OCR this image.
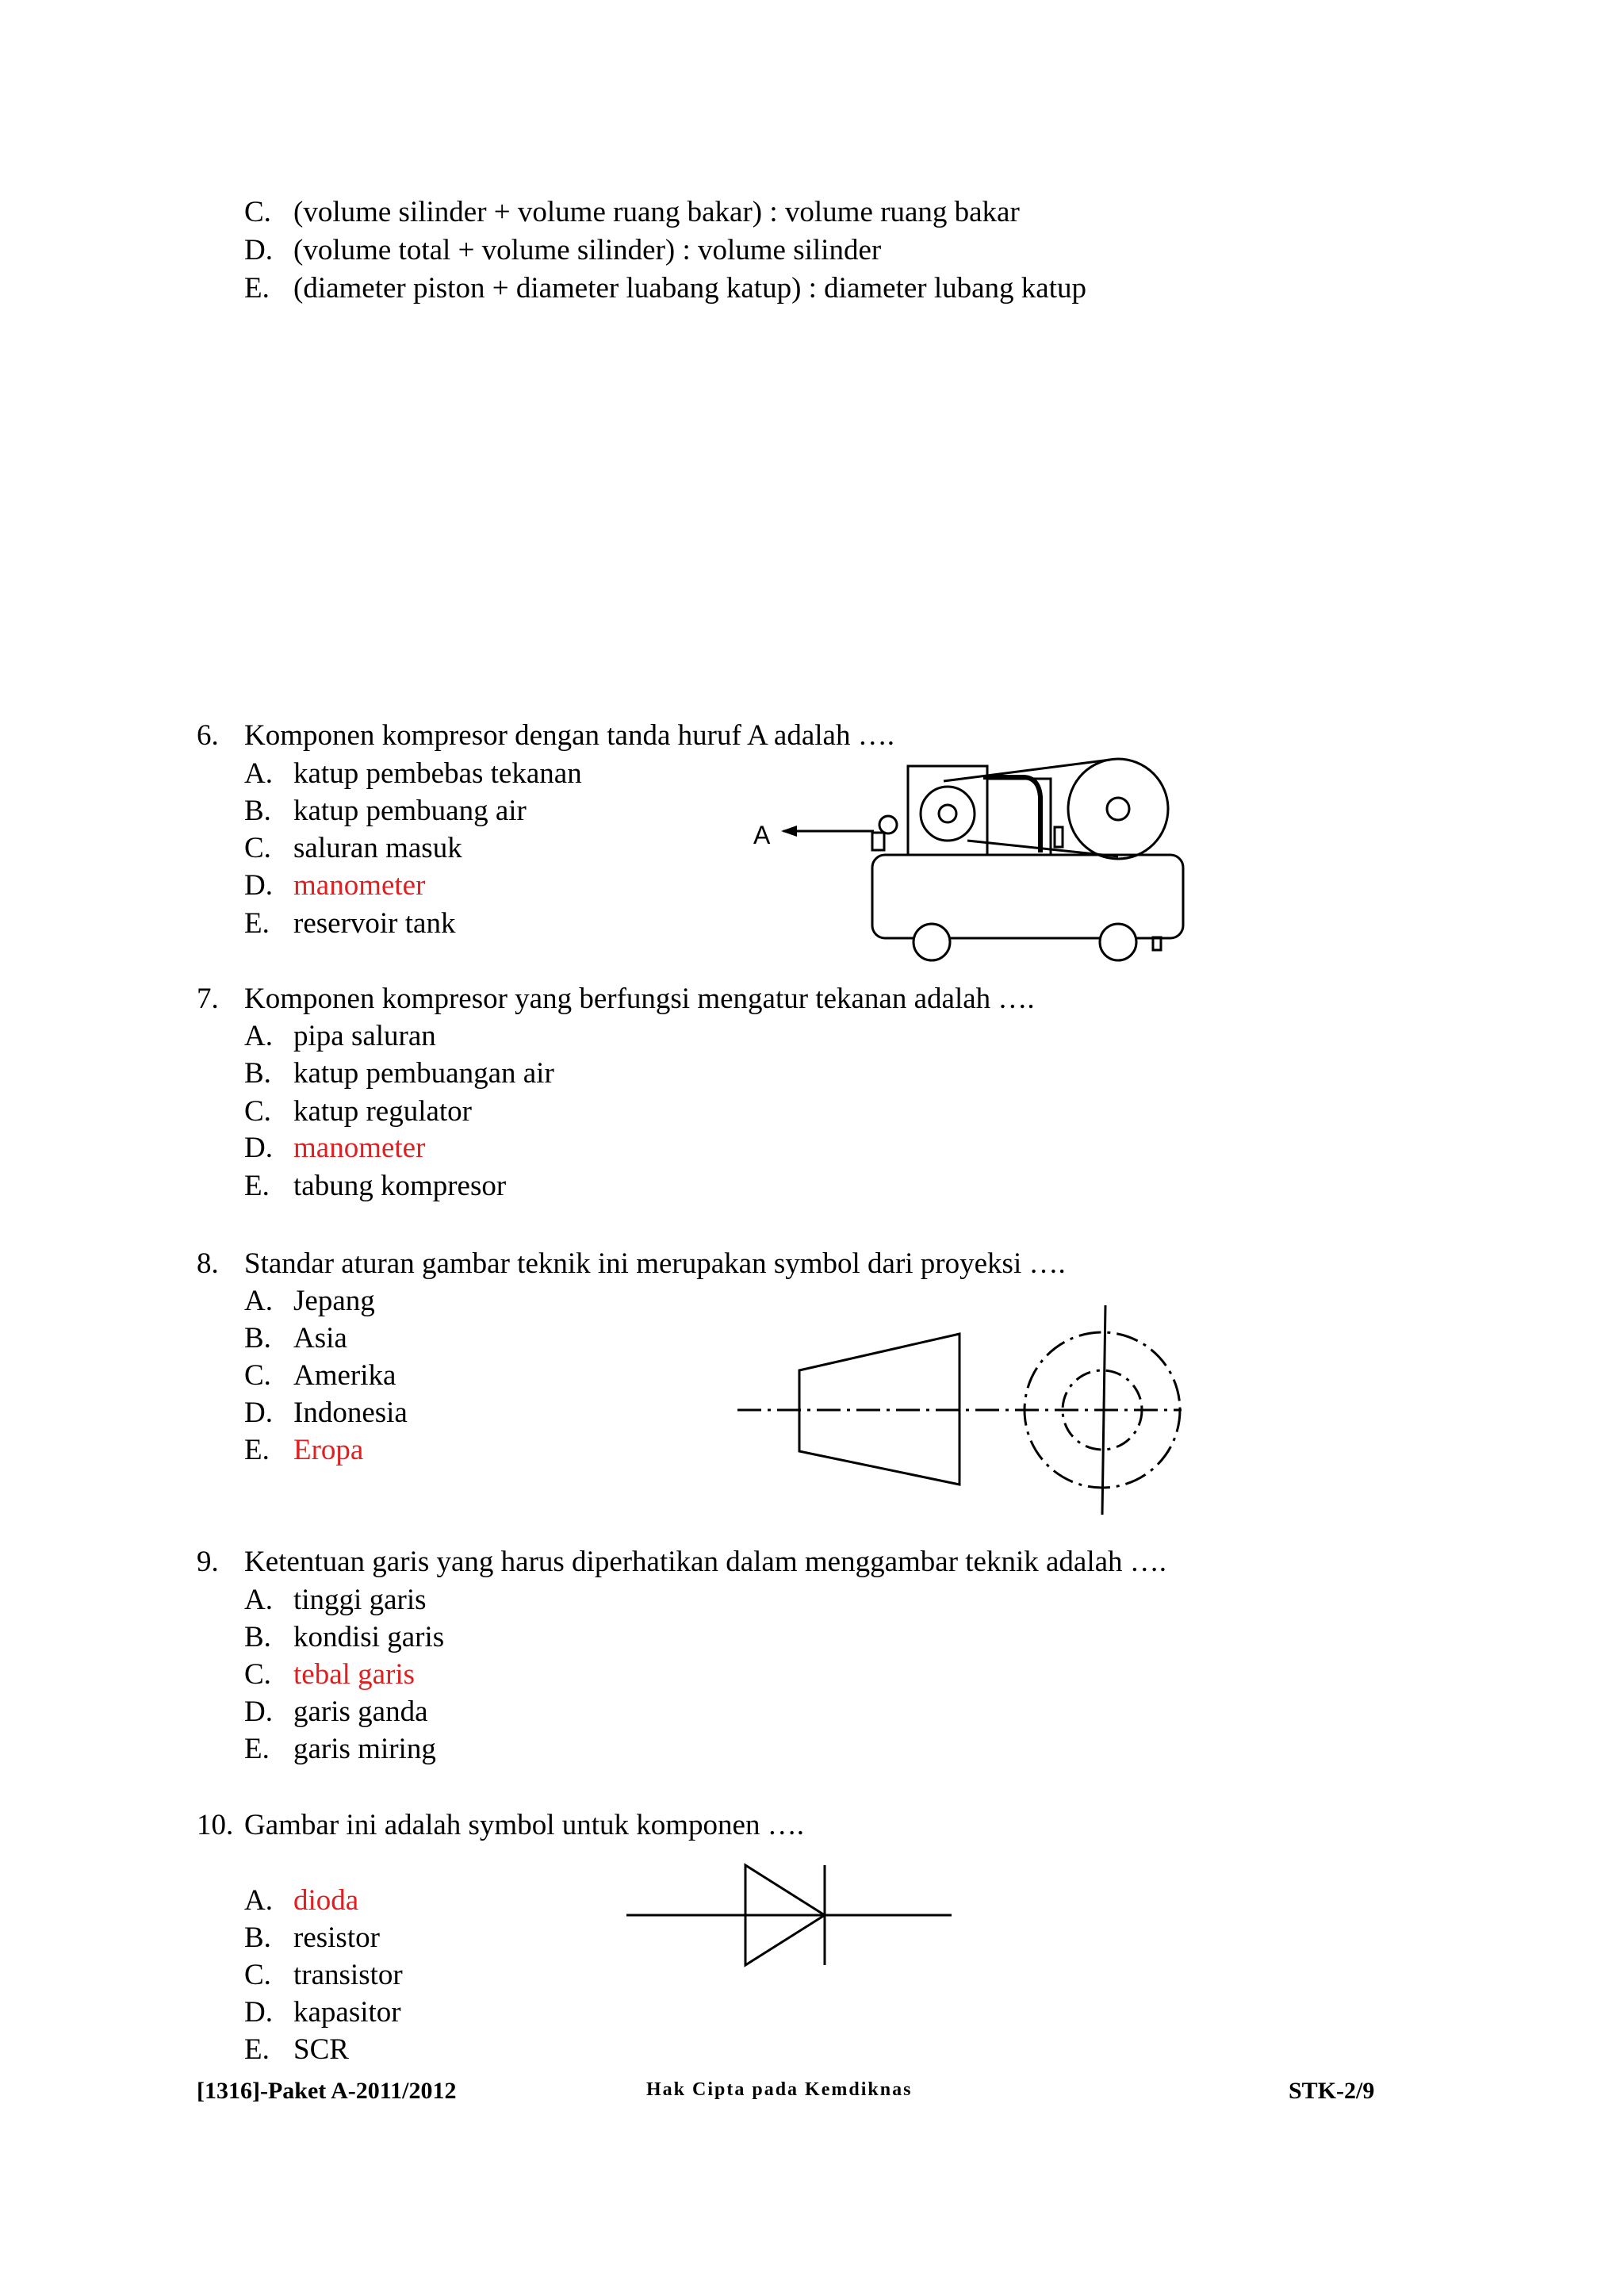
C. (volume silinder + volume ruang bakar) : volume ruang bakar
D. (volume total + volume silinder) : volume silinder
E. (diameter piston + diameter luabang katup) : diameter lubang katup
6. Komponen kompresor dengan tanda huruf A adalah ….
A. katup pembebas tekanan
B. katup pembuang air
C. saluran masuk
D. manometer
E. reservoir tank
A
7. Komponen kompresor yang berfungsi mengatur tekanan adalah ….
A. pipa saluran
B. katup pembuangan air
C. katup regulator
D. manometer
E. tabung kompresor
8. Standar aturan gambar teknik ini merupakan symbol dari proyeksi ….
A. Jepang
B. Asia
C. Amerika
D. Indonesia
E. Eropa
9. Ketentuan garis yang harus diperhatikan dalam menggambar teknik adalah ….
A. tinggi garis
B. kondisi garis
C. tebal garis
D. garis ganda
E. garis miring
10. Gambar ini adalah symbol untuk komponen ….
A. dioda
B. resistor
C. transistor
D. kapasitor
E. SCR
[1316]-Paket A-2011/2012	Hak Cipta pada Kemdiknas	STK-2/9
